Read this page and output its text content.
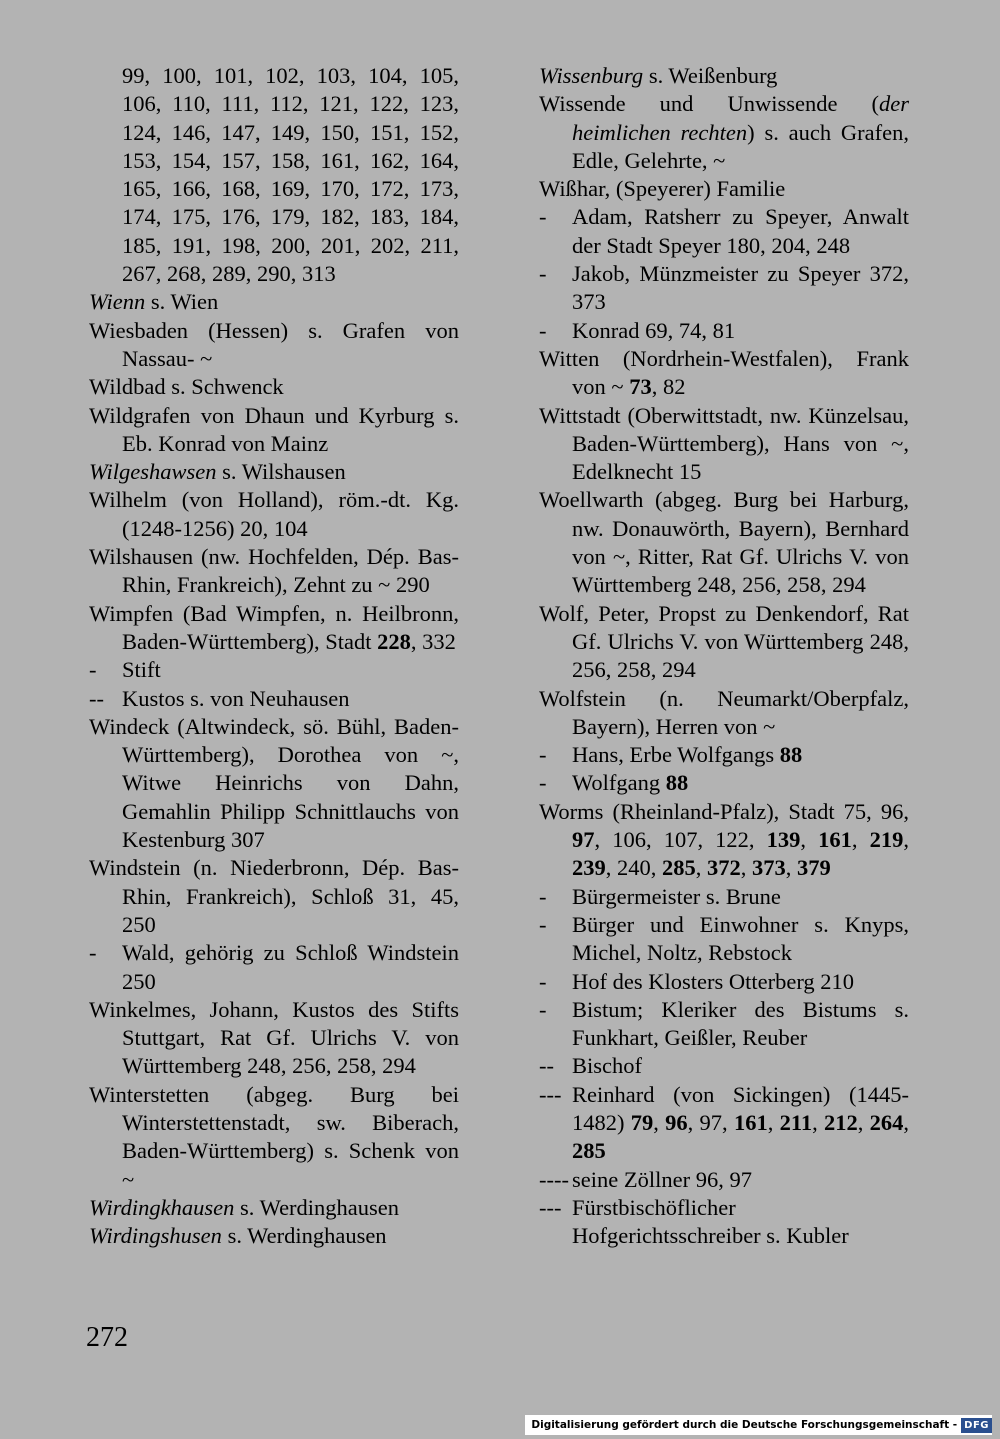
99, 100, 101, 102, 103, 104, 105, 106, 110, 111, 112, 121, 122, 123, 124, 146, 147, 149, 150, 151, 152, 153, 154, 157, 158, 161, 162, 164, 165, 166, 168, 169, 170, 172, 173, 174, 175, 176, 179, 182, 183, 184, 185, 191, 198, 200, 201, 202, 211, 267, 268, 289, 290, 313
Wienn s. Wien
Wiesbaden (Hessen) s. Grafen von Nassau- ~
Wildbad s. Schwenck
Wildgrafen von Dhaun und Kyrburg s. Eb. Konrad von Mainz
Wilgeshawsen s. Wilshausen
Wilhelm (von Holland), röm.-dt. Kg. (1248-1256) 20, 104
Wilshausen (nw. Hochfelden, Dép. Bas-Rhin, Frankreich), Zehnt zu ~ 290
Wimpfen (Bad Wimpfen, n. Heilbronn, Baden-Württemberg), Stadt 228, 332
- Stift
-- Kustos s. von Neuhausen
Windeck (Altwindeck, sö. Bühl, Baden-Württemberg), Dorothea von ~, Witwe Heinrichs von Dahn, Gemahlin Philipp Schnittlauchs von Kestenburg 307
Windstein (n. Niederbronn, Dép. Bas-Rhin, Frankreich), Schloß 31, 45, 250
- Wald, gehörig zu Schloß Windstein 250
Winkelmes, Johann, Kustos des Stifts Stuttgart, Rat Gf. Ulrichs V. von Württemberg 248, 256, 258, 294
Winterstetten (abgeg. Burg bei Winterstettenstadt, sw. Biberach, Baden-Württemberg) s. Schenk von ~
Wirdingkhausen s. Werdinghausen
Wirdingshusen s. Werdinghausen
Wissenburg s. Weißenburg
Wissende und Unwissende (der heimlichen rechten) s. auch Grafen, Edle, Gelehrte, ~
Wißhar, (Speyerer) Familie
- Adam, Ratsherr zu Speyer, Anwalt der Stadt Speyer 180, 204, 248
- Jakob, Münzmeister zu Speyer 372, 373
- Konrad 69, 74, 81
Witten (Nordrhein-Westfalen), Frank von ~ 73, 82
Wittstadt (Oberwittstadt, nw. Künzelsau, Baden-Württemberg), Hans von ~, Edelknecht 15
Woellwarth (abgeg. Burg bei Harburg, nw. Donauwörth, Bayern), Bernhard von ~, Ritter, Rat Gf. Ulrichs V. von Württemberg 248, 256, 258, 294
Wolf, Peter, Propst zu Denkendorf, Rat Gf. Ulrichs V. von Württemberg 248, 256, 258, 294
Wolfstein (n. Neumarkt/Oberpfalz, Bayern), Herren von ~
- Hans, Erbe Wolfgangs 88
- Wolfgang 88
Worms (Rheinland-Pfalz), Stadt 75, 96, 97, 106, 107, 122, 139, 161, 219, 239, 240, 285, 372, 373, 379
- Bürgermeister s. Brune
- Bürger und Einwohner s. Knyps, Michel, Noltz, Rebstock
- Hof des Klosters Otterberg 210
- Bistum; Kleriker des Bistums s. Funkhart, Geißler, Reuber
-- Bischof
--- Reinhard (von Sickingen) (1445-1482) 79, 96, 97, 161, 211, 212, 264, 285
---- seine Zöllner 96, 97
--- Fürstbischöflicher Hofgerichtsschreiber s. Kubler
272
Digitalisierung gefördert durch die Deutsche Forschungsgemeinschaft - DFG
